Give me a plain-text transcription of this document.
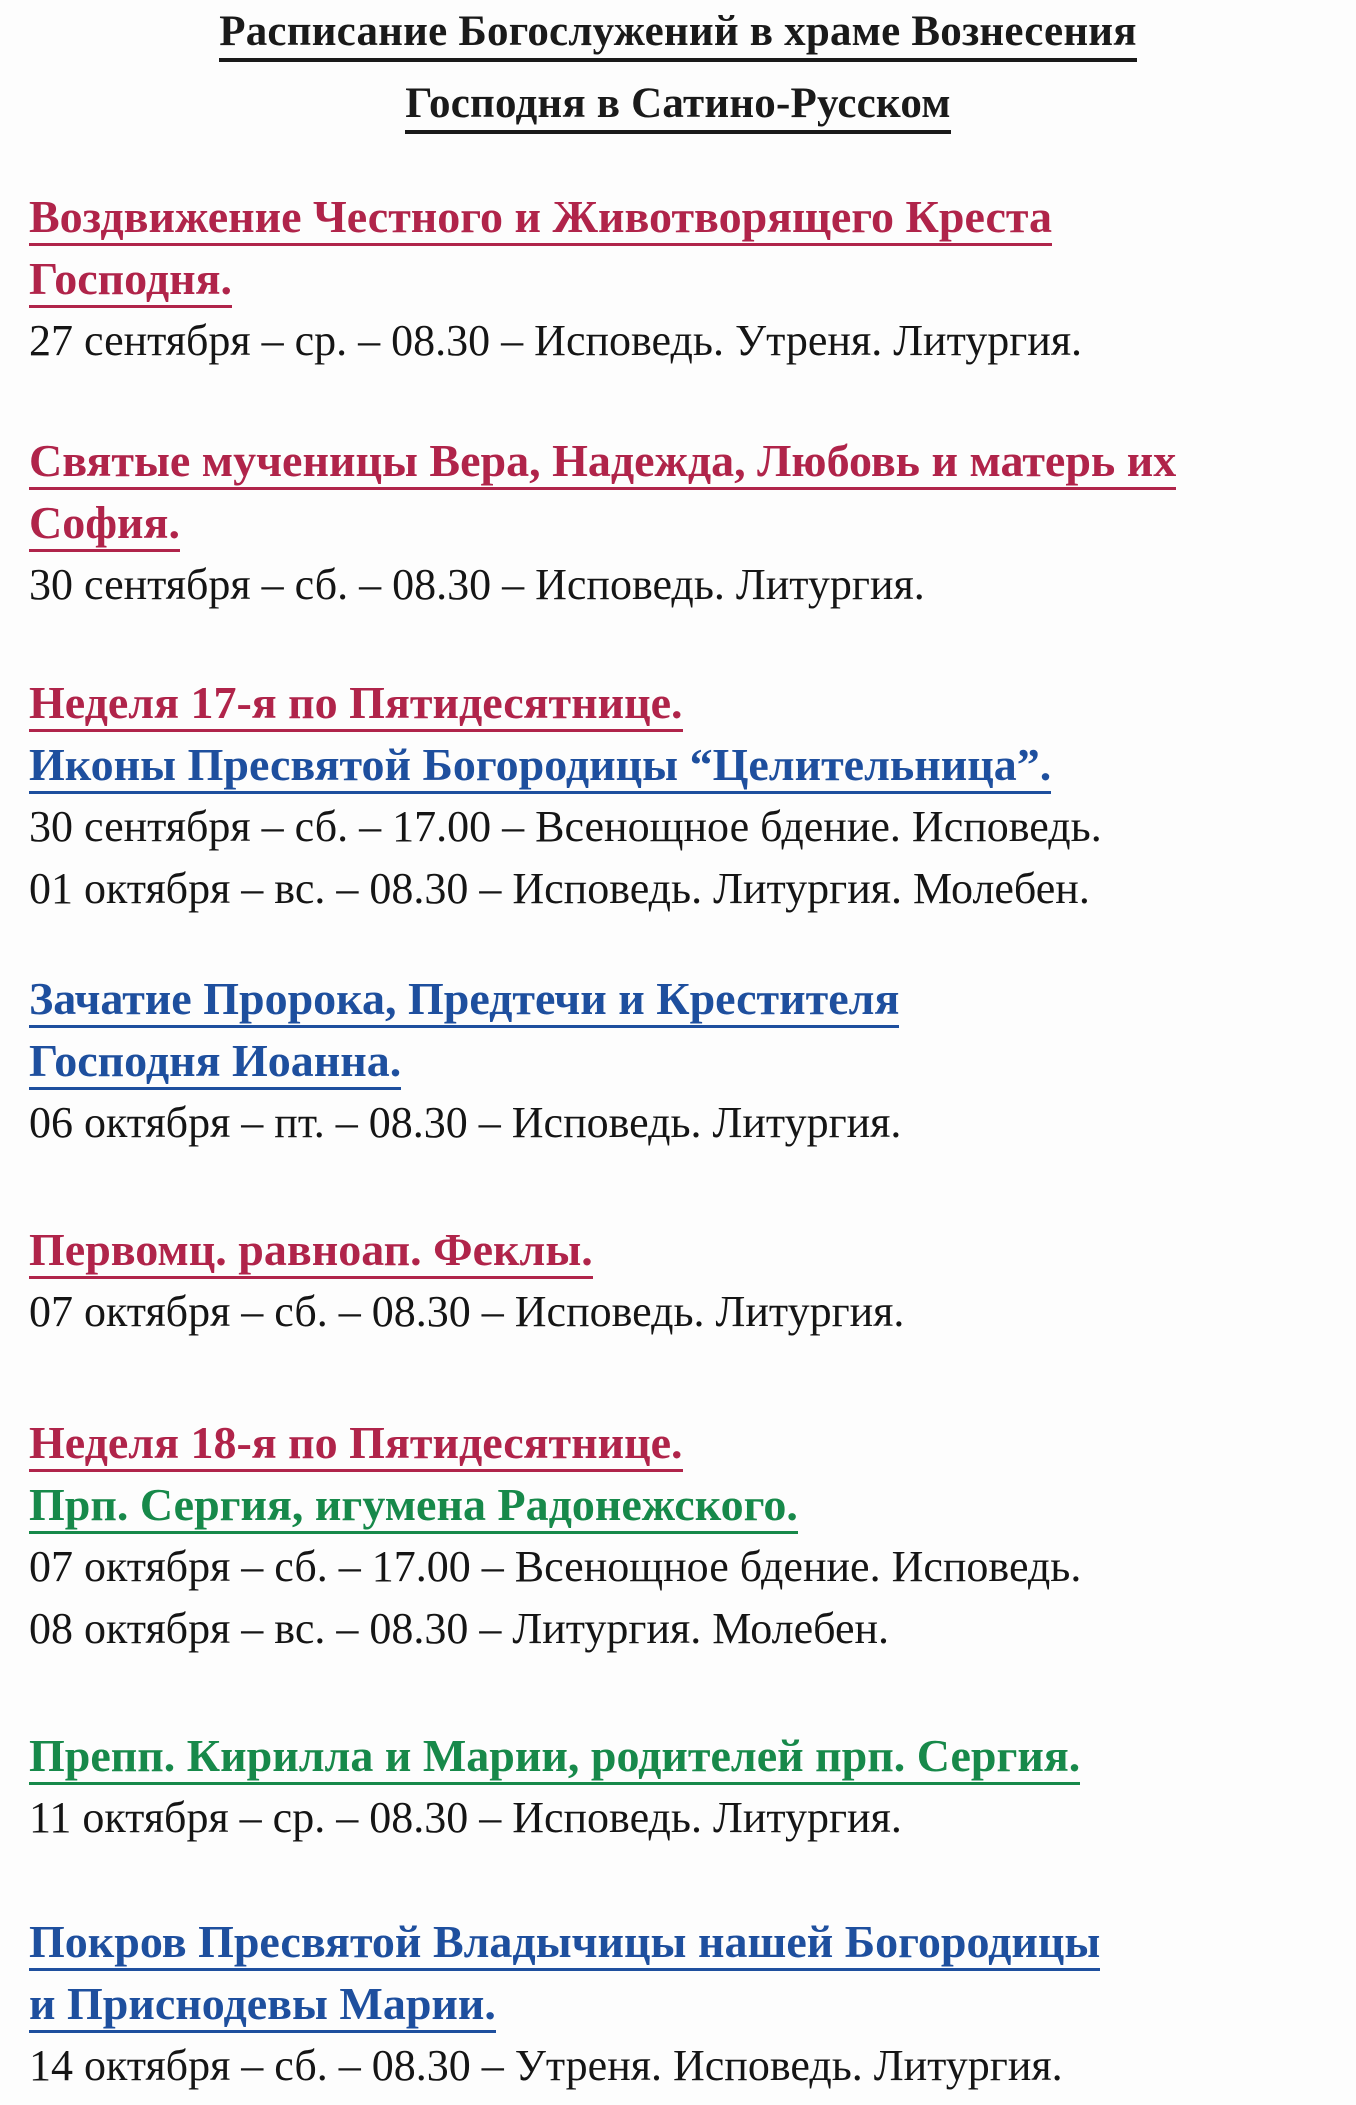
Расписание Богослужений в храме Вознесения
Господня в Сатино-Русском
Воздвижение Честного и Животворящего Креста
Господня.
27 сентября – ср. – 08.30 – Исповедь. Утреня. Литургия.
Святые мученицы Вера, Надежда, Любовь и матерь их
София.
30 сентября – сб. – 08.30 – Исповедь. Литургия.
Неделя 17-я по Пятидесятнице.
Иконы Пресвятой Богородицы “Целительница”.
30 сентября – сб. – 17.00 – Всенощное бдение. Исповедь.
01 октября – вс. – 08.30 – Исповедь. Литургия. Молебен.
Зачатие Пророка, Предтечи и Крестителя
Господня Иоанна.
06 октября – пт. – 08.30 – Исповедь. Литургия.
Первомц. равноап. Феклы.
07 октября – сб. – 08.30 – Исповедь. Литургия.
Неделя 18-я по Пятидесятнице.
Прп. Сергия, игумена Радонежского.
07 октября – сб. – 17.00 – Всенощное бдение. Исповедь.
08 октября – вс. – 08.30 – Литургия. Молебен.
Препп. Кирилла и Марии, родителей прп. Сергия.
11 октября – ср. – 08.30 – Исповедь. Литургия.
Покров Пресвятой Владычицы нашей Богородицы
и Приснодевы Марии.
14 октября – сб. – 08.30 – Утреня. Исповедь. Литургия.
